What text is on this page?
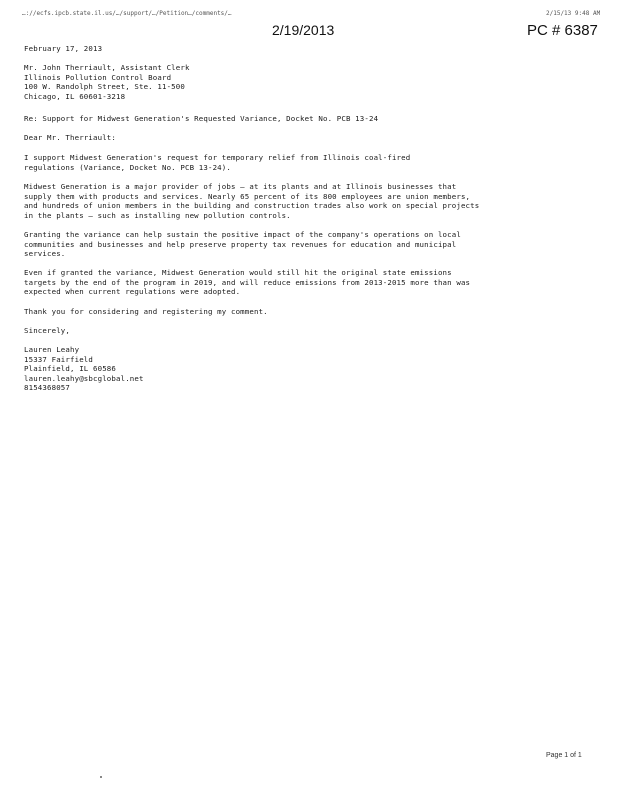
…://ecfs.ipcb.state.il.us/…/support/…/Petition…/comments/…
2/19/2013
2/15/13 9:48 AM
PC # 6387
February 17, 2013
Mr. John Therriault, Assistant Clerk
Illinois Pollution Control Board
100 W. Randolph Street, Ste. 11-500
Chicago, IL 60601-3218
Re: Support for Midwest Generation's Requested Variance, Docket No. PCB 13-24
Dear Mr. Therriault:
I support Midwest Generation's request for temporary relief from Illinois coal-fired
regulations (Variance, Docket No. PCB 13-24).
Midwest Generation is a major provider of jobs — at its plants and at Illinois businesses that
supply them with products and services. Nearly 65 percent of its 800 employees are union members,
and hundreds of union members in the building and construction trades also work on special projects
in the plants — such as installing new pollution controls.
Granting the variance can help sustain the positive impact of the company's operations on local
communities and businesses and help preserve property tax revenues for education and municipal
services.
Even if granted the variance, Midwest Generation would still hit the original state emissions
targets by the end of the program in 2019, and will reduce emissions from 2013-2015 more than was
expected when current regulations were adopted.
Thank you for considering and registering my comment.
Sincerely,
Lauren Leahy
15337 Fairfield
Plainfield, IL 60586
lauren.leahy@sbcglobal.net
8154368057
Page 1 of 1
